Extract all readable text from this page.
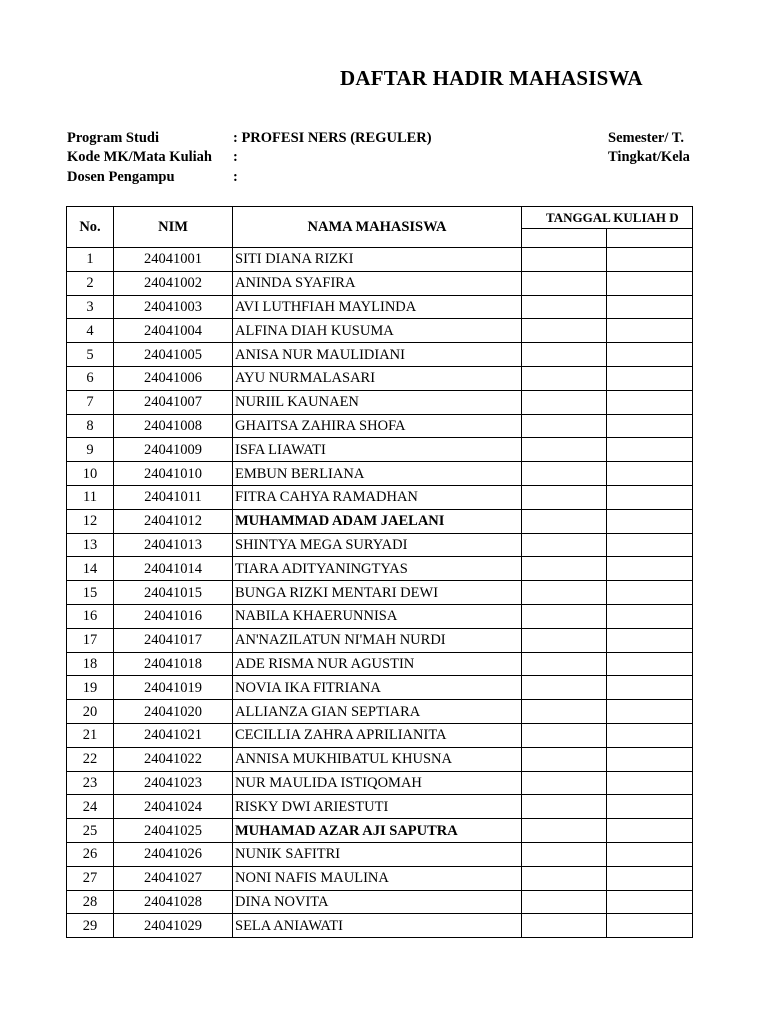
DAFTAR HADIR MAHASISWA
Program Studi	: PROFESI NERS (REGULER)
Kode MK/Mata Kuliah :
Dosen Pengampu	:
Semester/ T.
Tingkat/Kela
No.	NIM	NAMA MAHASISWA	TANGGAL KULIAH D	

1	24041001	SITI DIANA RIZKI		
2	24041002	ANINDA SYAFIRA		
3	24041003	AVI LUTHFIAH MAYLINDA		
4	24041004	ALFINA DIAH KUSUMA		
5	24041005	ANISA NUR MAULIDIANI		
6	24041006	AYU NURMALASARI		
7	24041007	NURIIL KAUNAEN		
8	24041008	GHAITSA ZAHIRA SHOFA		
9	24041009	ISFA LIAWATI		
10	24041010	EMBUN BERLIANA		
11	24041011	FITRA CAHYA RAMADHAN		
12	24041012	MUHAMMAD ADAM JAELANI		
13	24041013	SHINTYA MEGA SURYADI		
14	24041014	TIARA ADITYANINGTYAS		
15	24041015	BUNGA RIZKI MENTARI DEWI		
16	24041016	NABILA KHAERUNNISA		
17	24041017	AN'NAZILATUN NI'MAH NURDI		
18	24041018	ADE RISMA NUR AGUSTIN		
19	24041019	NOVIA IKA FITRIANA		
20	24041020	ALLIANZA GIAN SEPTIARA		
21	24041021	CECILLIA ZAHRA APRILIANITA		
22	24041022	ANNISA MUKHIBATUL KHUSNA		
23	24041023	NUR MAULIDA ISTIQOMAH		
24	24041024	RISKY DWI ARIESTUTI		
25	24041025	MUHAMAD AZAR AJI SAPUTRA		
26	24041026	NUNIK SAFITRI		
27	24041027	NONI NAFIS MAULINA		
28	24041028	DINA NOVITA		
29	24041029	SELA ANIAWATI		
